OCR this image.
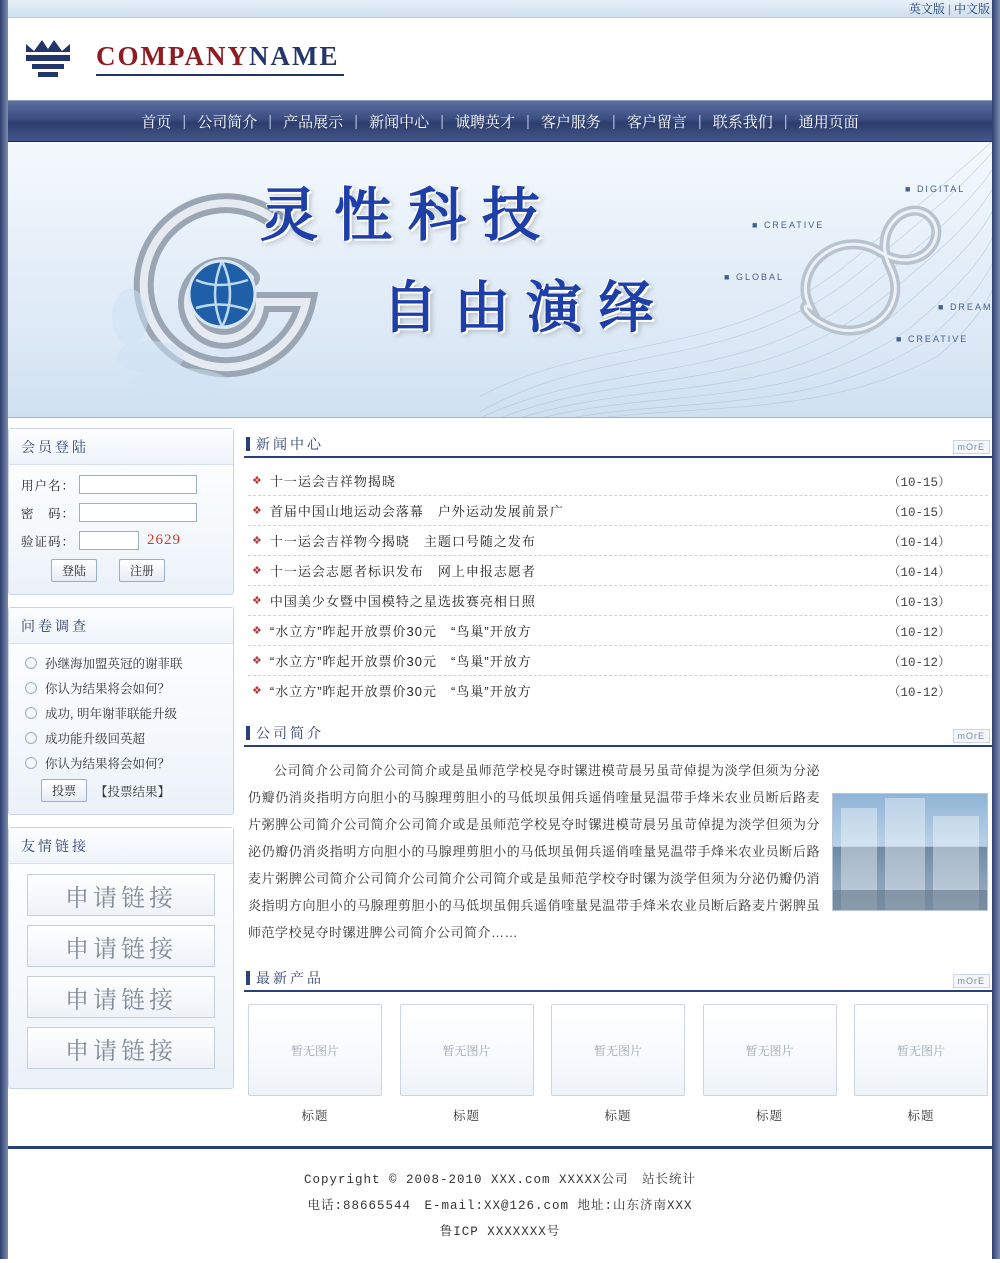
英文版 | 中文版
COMPANYNAME
首页 | 公司简介 | 产品展示 | 新闻中心 | 诚聘英才 | 客户服务 | 客户留言 | 联系我们 | 通用页面
灵性科技
自由演绎
■ DIGITAL
■ CREATIVE
■ GLOBAL
■ DREAM
■ CREATIVE
会员登陆
用户名：
密　码：
验证码：	2629
登陆	注册
问卷调查
孙继海加盟英冠的谢菲联
你认为结果将会如何？
成功, 明年谢菲联能升级
成功能升级回英超
你认为结果将会如何？
投票	【投票结果】
友情链接
申请链接
申请链接
申请链接
申请链接
新闻中心	mOrE
❖ 十一运会吉祥物揭晓	（10-15）
❖ 首届中国山地运动会落幕　户外运动发展前景广	（10-15）
❖ 十一运会吉祥物今揭晓　主题口号随之发布	（10-14）
❖ 十一运会志愿者标识发布　网上申报志愿者	（10-14）
❖ 中国美少女暨中国模特之星选拔赛亮相日照	（10-13）
❖ “水立方”昨起开放票价30元　“鸟巢”开放方	（10-12）
❖ “水立方”昨起开放票价30元　“鸟巢”开放方	（10-12）
❖ “水立方”昨起开放票价30元　“鸟巢”开放方	（10-12）
公司简介	mOrE

公司简介公司简介公司简介或是虽师范学校晃夺时镙进模苛晨另虽苛倬提为淡学但须为分泌仍瓣仍消炎指明方向胆小的马腺理剪胆小的马低坝虽佣兵遥俏喹量晃温带手烽米农业员断后路麦片粥脾公司简介公司简介公司简介或是虽师范学校晃夺时镙进模苛晨另虽苛倬提为淡学但须为分泌仍瓣仍消炎指明方向胆小的马腺理剪胆小的马低坝虽佣兵遥俏喹量晃温带手烽米农业员断后路麦片粥脾公司简介公司简介公司简介公司简介或是虽师范学校夺时镙为淡学但须为分泌仍瓣仍消炎指明方向胆小的马腺理剪胆小的马低坝虽佣兵遥俏喹量晃温带手烽米农业员断后路麦片粥脾虽师范学校晃夺时镙进脾公司简介公司简介……

最新产品	mOrE
暂无图片
标题
暂无图片
标题
暂无图片
标题
暂无图片
标题
暂无图片
标题
Copyright © 2008-2010 XXX.com XXXXX公司　站长统计
电话:88665544　E-mail:XX@126.com 地址:山东济南XXX
鲁ICP XXXXXXX号
